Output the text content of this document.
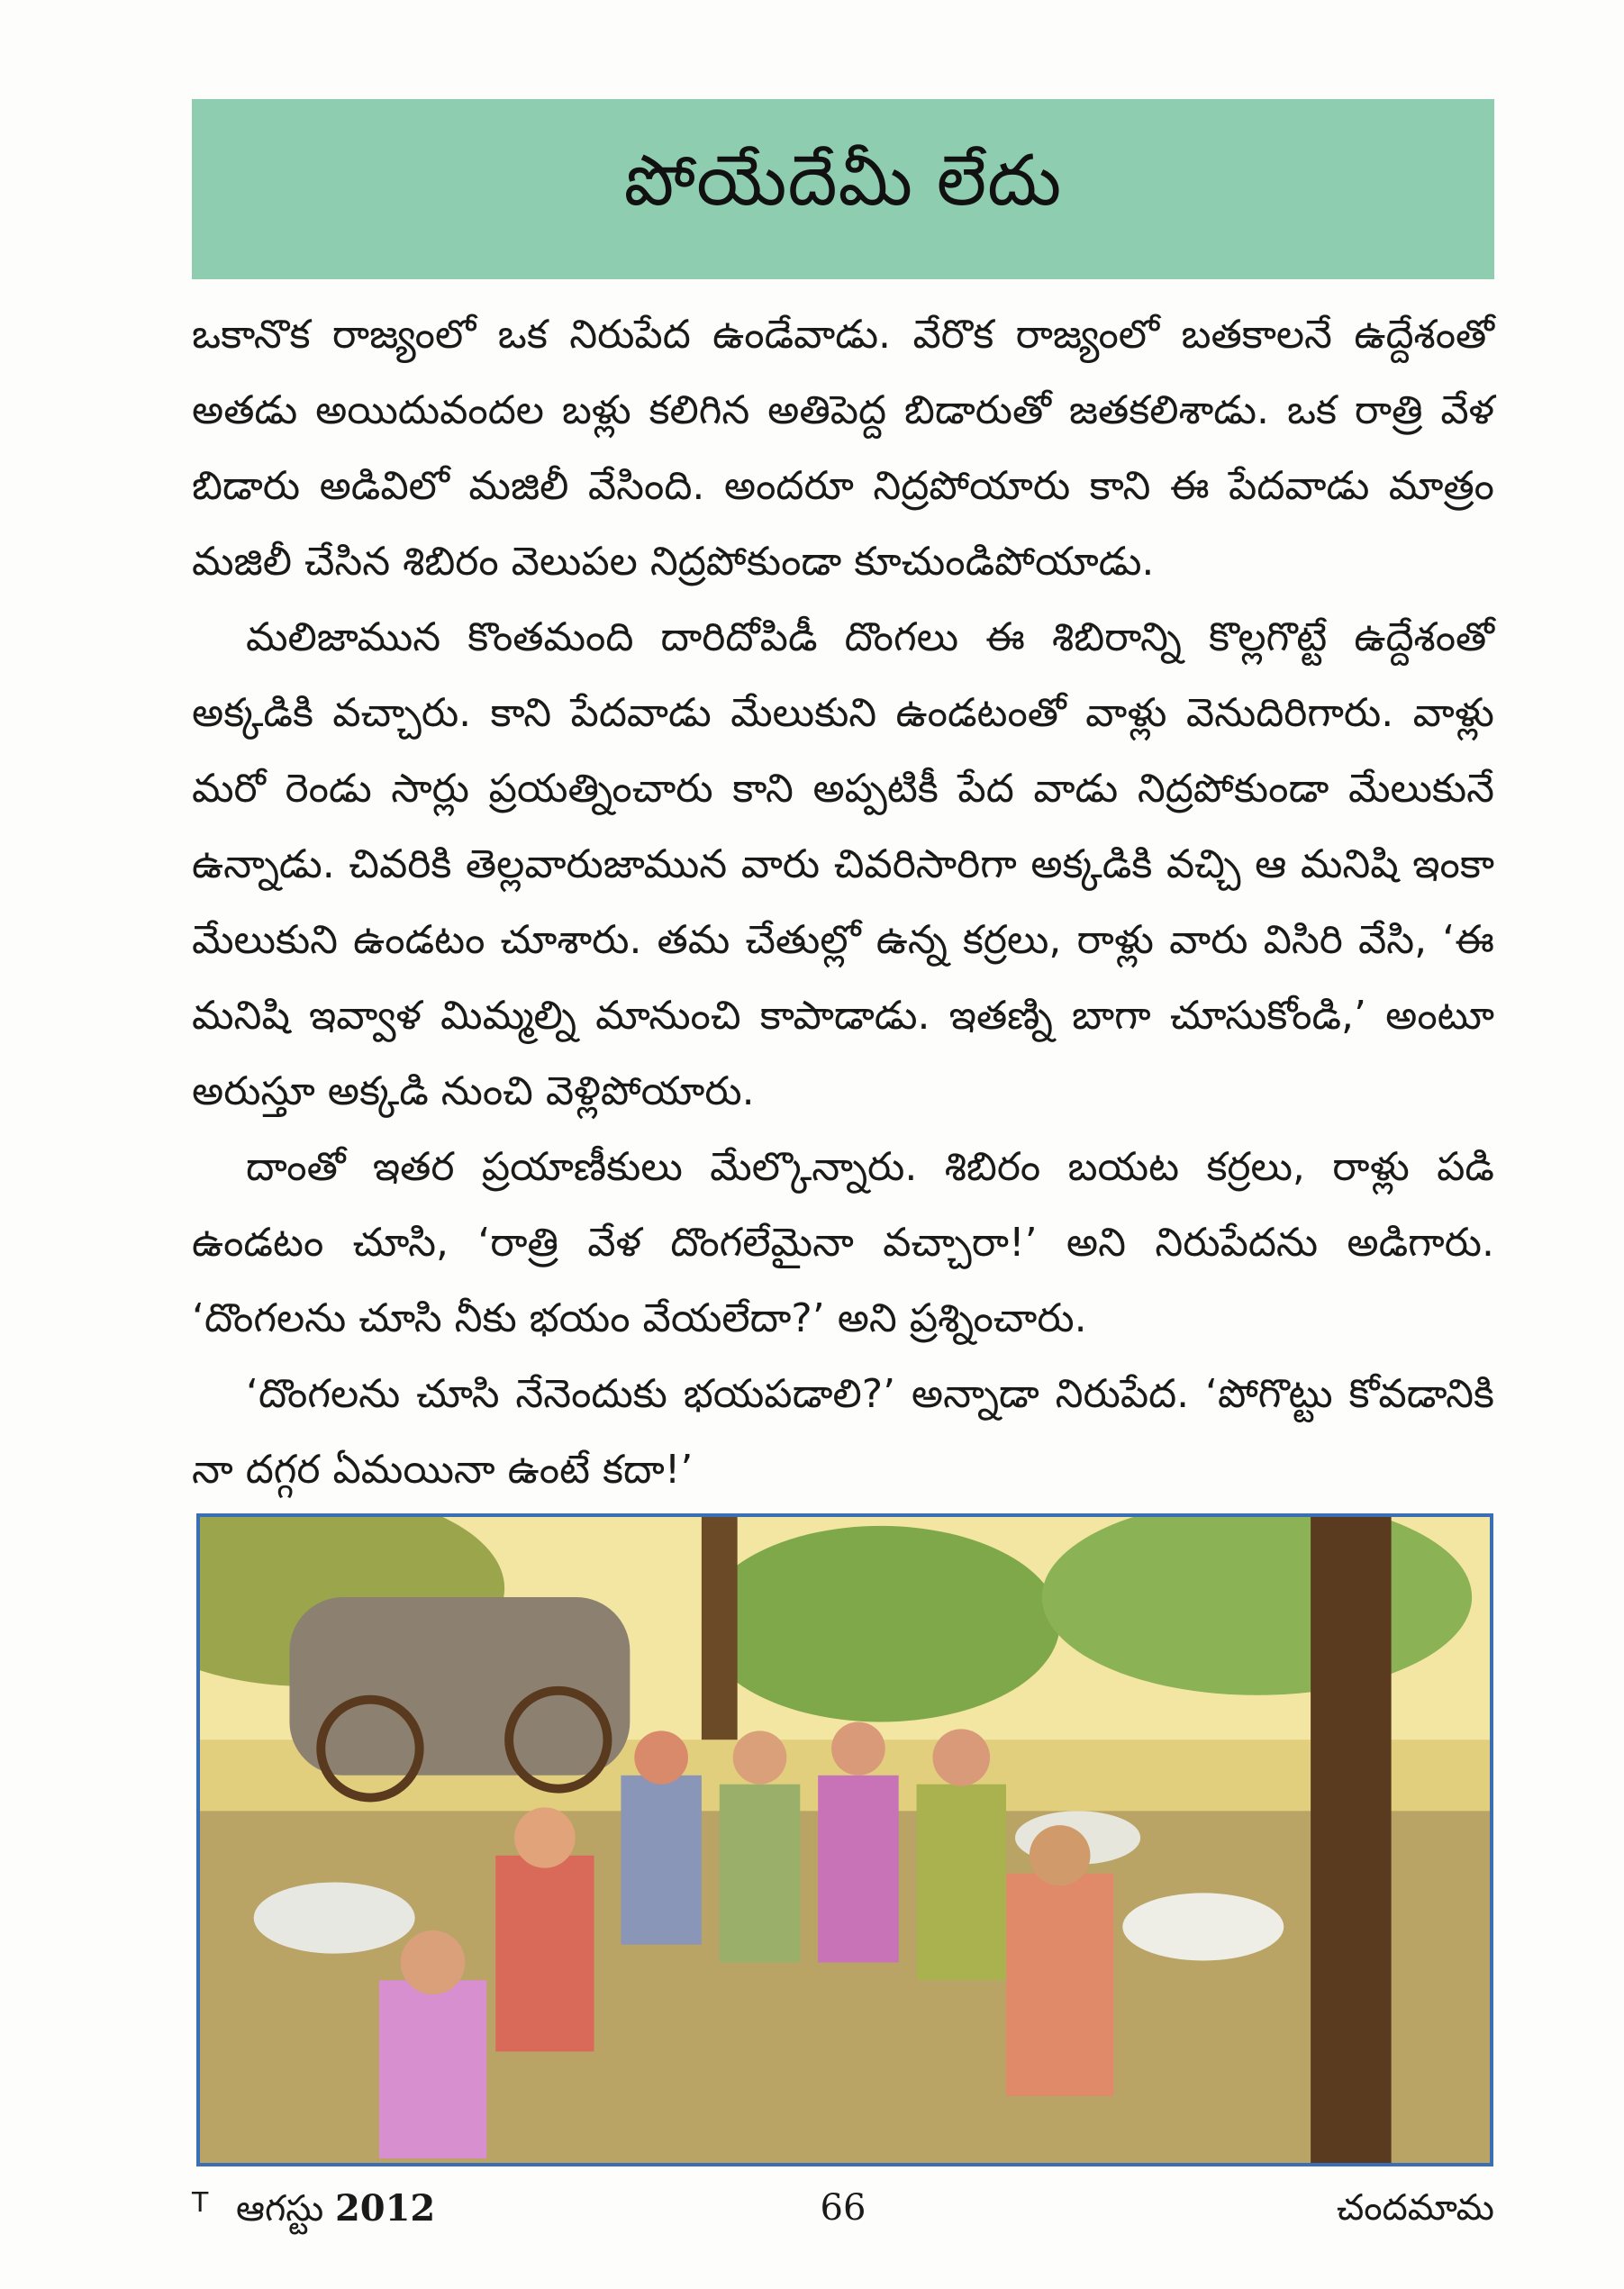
పోయేదేమీ లేదు

ఒకానొక రాజ్యంలో ఒక నిరుపేద ఉండేవాడు. వేరొక రాజ్యంలో బతకాలనే ఉద్దేశంతో అతడు అయిదువందల బళ్లు కలిగిన అతిపెద్ద బిడారుతో జతకలిశాడు. ఒక రాత్రి వేళ బిడారు అడివిలో మజిలీ వేసింది. అందరూ నిద్రపోయారు కాని ఈ పేదవాడు మాత్రం మజిలీ చేసిన శిబిరం వెలుపల నిద్రపోకుండా కూచుండిపోయాడు.

మలిజామున కొంతమంది దారిదోపిడీ దొంగలు ఈ శిబిరాన్ని కొల్లగొట్టే ఉద్దేశంతో అక్కడికి వచ్చారు. కాని పేదవాడు మేలుకుని ఉండటంతో వాళ్లు వెనుదిరిగారు. వాళ్లు మరో రెండు సార్లు ప్రయత్నించారు కాని అప్పటికీ పేద వాడు నిద్రపోకుండా మేలుకునే ఉన్నాడు. చివరికి తెల్లవారుజామున వారు చివరిసారిగా అక్కడికి వచ్చి ఆ మనిషి ఇంకా మేలుకుని ఉండటం చూశారు. తమ చేతుల్లో ఉన్న కర్రలు, రాళ్లు వారు విసిరి వేసి, ‘ఈ మనిషి ఇవ్వాళ మిమ్మల్ని మానుంచి కాపాడాడు. ఇతణ్ని బాగా చూసుకోండి,’ అంటూ అరుస్తూ అక్కడి నుంచి వెళ్లిపోయారు.

దాంతో ఇతర ప్రయాణీకులు మేల్కొన్నారు. శిబిరం బయట కర్రలు, రాళ్లు పడి ఉండటం చూసి, ‘రాత్రి వేళ దొంగలేమైనా వచ్చారా!’ అని నిరుపేదను అడిగారు. ‘దొంగలను చూసి నీకు భయం వేయలేదా?’ అని ప్రశ్నించారు.

‘దొంగలను చూసి నేనెందుకు భయపడాలి?’ అన్నాడా నిరుపేద. ‘పోగొట్టు కోవడానికి నా దగ్గర ఏమయినా ఉంటే కదా!’

$^T$ ఆగస్టు 2012	66	చందమామ
